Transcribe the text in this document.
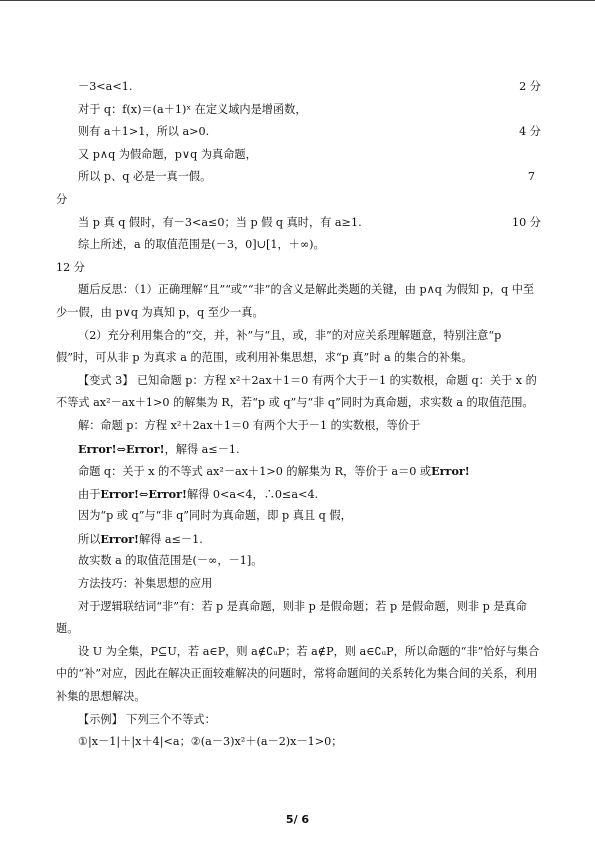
－3<a<1.	2 分
对于 q：f(x)＝(a＋1)ˣ 在定义域内是增函数，
则有 a＋1>1，所以 a>0.	4 分
又 p∧q 为假命题，p∨q 为真命题，
所以 p、q 必是一真一假。	7
分
当 p 真 q 假时，有－3<a≤0；当 p 假 q 真时，有 a≥1.	10 分
综上所述，a 的取值范围是(－3，0]∪[1，＋∞)。
12 分
题后反思：（1）正确理解“且”“或”“非”的含义是解此类题的关键，由 p∧q 为假知 p，q 中至少一假，由 p∨q 为真知 p，q 至少一真。
（2）充分利用集合的“交，并，补”与“且，或，非”的对应关系理解题意，特别注意“p 假”时，可从非 p 为真求 a 的范围，或利用补集思想，求“p 真”时 a 的集合的补集。
【变式 3】 已知命题 p：方程 x²＋2ax＋1＝0 有两个大于－1 的实数根，命题 q：关于 x 的不等式 ax²－ax＋1>0 的解集为 R，若“p 或 q”与“非 q”同时为真命题，求实数 a 的取值范围。
解：命题 p：方程 x²＋2ax＋1＝0 有两个大于－1 的实数根，等价于
Error!⇔Error!，解得 a≤－1.
命题 q：关于 x 的不等式 ax²－ax＋1>0 的解集为 R，等价于 a＝0 或Error!
由于Error!⇔Error!解得 0<a<4，∴0≤a<4.
因为“p 或 q”与“非 q”同时为真命题，即 p 真且 q 假，
所以Error!解得 a≤－1.
故实数 a 的取值范围是(－∞，－1]。
方法技巧：补集思想的应用
对于逻辑联结词“非”有：若 p 是真命题，则非 p 是假命题；若 p 是假命题，则非 p 是真命题。
设 U 为全集，P⊆U，若 a∈P，则 a∉∁ᵤP；若 a∉P，则 a∈∁ᵤP，所以命题的“非”恰好与集合中的“补”对应，因此在解决正面较难解决的问题时，常将命题间的关系转化为集合间的关系，利用补集的思想解决。
【示例】 下列三个不等式：
①|x－1|＋|x＋4|<a；②(a－3)x²＋(a－2)x－1>0；
5/ 6
